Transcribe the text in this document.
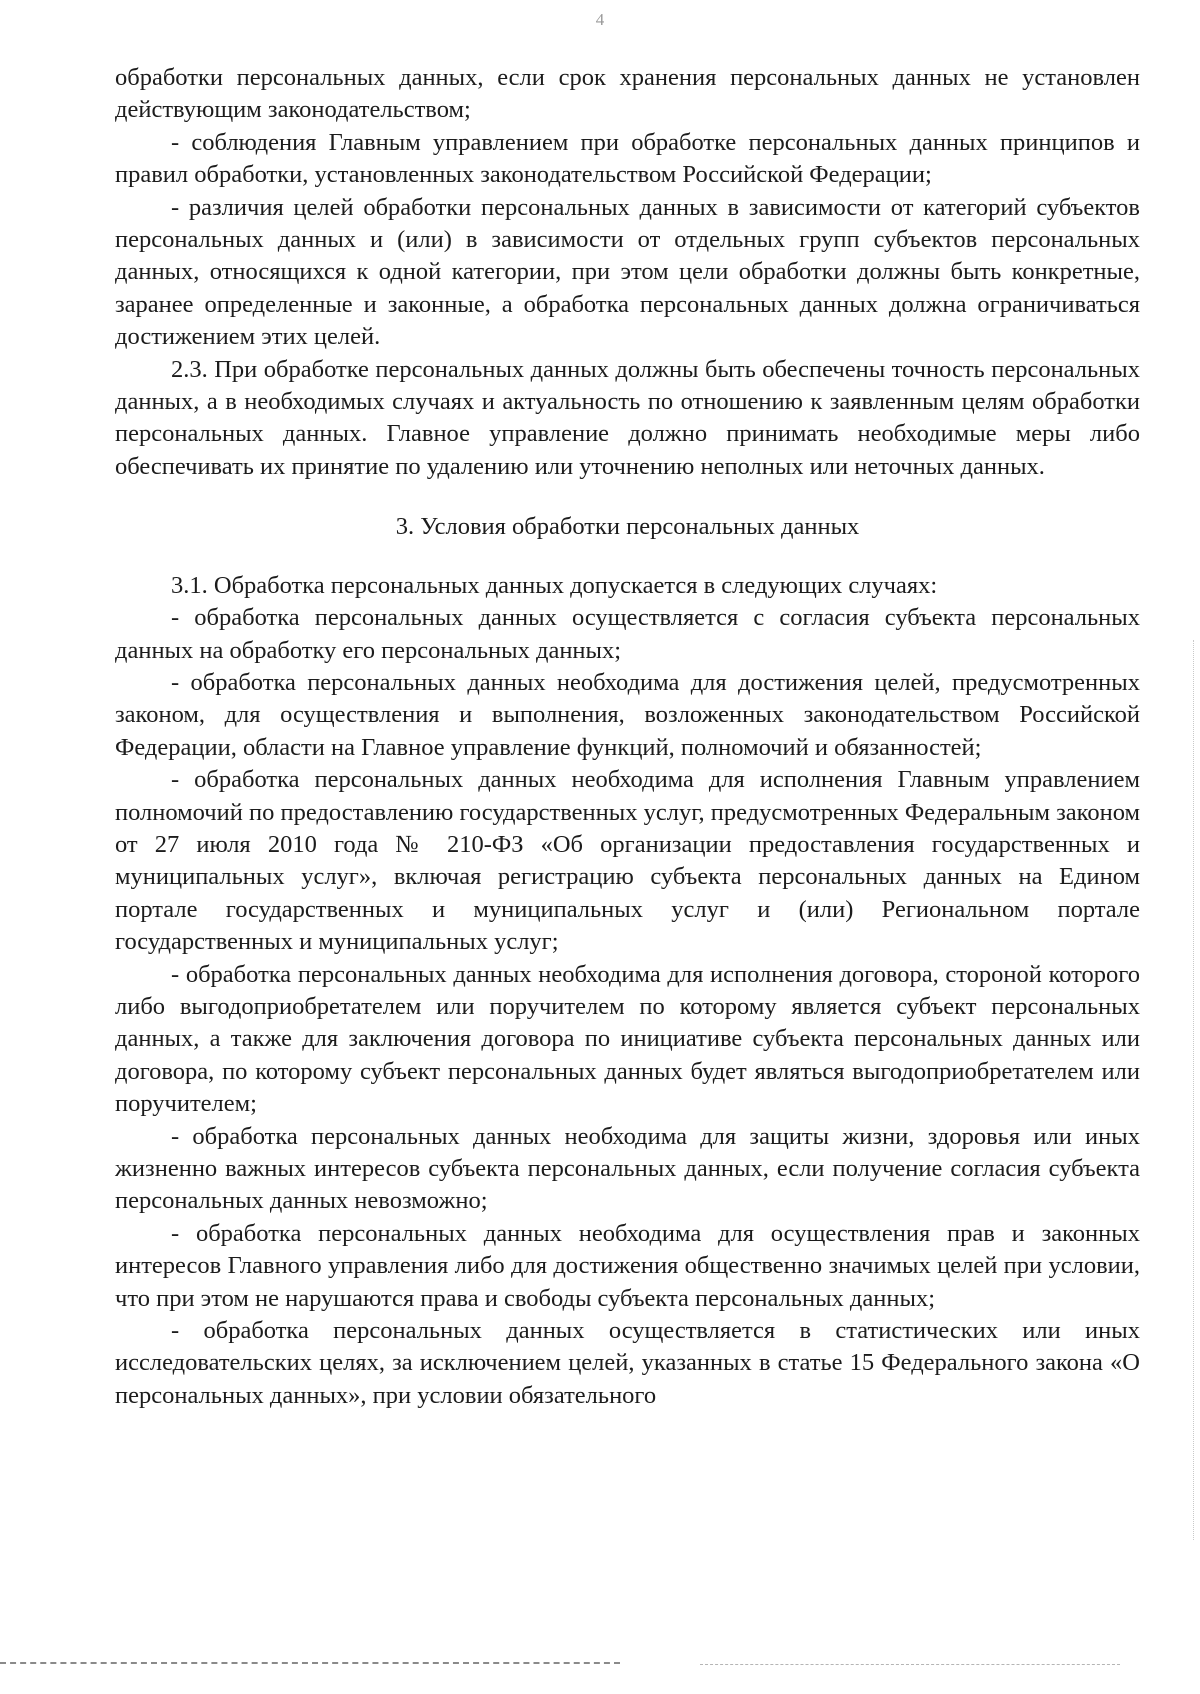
4

обработки персональных данных, если срок хранения персональных данных не установлен действующим законодательством;

- соблюдения Главным управлением при обработке персональных данных принципов и правил обработки, установленных законодательством Российской Федерации;

- различия целей обработки персональных данных в зависимости от категорий субъектов персональных данных и (или) в зависимости от отдельных групп субъектов персональных данных, относящихся к одной категории, при этом цели обработки должны быть конкретные, заранее определенные и законные, а обработка персональных данных должна ограничиваться достижением этих целей.

2.3. При обработке персональных данных должны быть обеспечены точность персональных данных, а в необходимых случаях и актуальность по отношению к заявленным целям обработки персональных данных. Главное управление должно принимать необходимые меры либо обеспечивать их принятие по удалению или уточнению неполных или неточных данных.

3. Условия обработки персональных данных

3.1. Обработка персональных данных допускается в следующих случаях:

- обработка персональных данных осуществляется с согласия субъекта персональных данных на обработку его персональных данных;

- обработка персональных данных необходима для достижения целей, предусмотренных законом, для осуществления и выполнения, возложенных законодательством Российской Федерации, области на Главное управление функций, полномочий и обязанностей;

- обработка персональных данных необходима для исполнения Главным управлением полномочий по предоставлению государственных услуг, предусмотренных Федеральным законом от 27 июля 2010 года № 210-ФЗ «Об организации предоставления государственных и муниципальных услуг», включая регистрацию субъекта персональных данных на Едином портале государственных и муниципальных услуг и (или) Региональном портале государственных и муниципальных услуг;

- обработка персональных данных необходима для исполнения договора, стороной которого либо выгодоприобретателем или поручителем по которому является субъект персональных данных, а также для заключения договора по инициативе субъекта персональных данных или договора, по которому субъект персональных данных будет являться выгодоприобретателем или поручителем;

- обработка персональных данных необходима для защиты жизни, здоровья или иных жизненно важных интересов субъекта персональных данных, если получение согласия субъекта персональных данных невозможно;

- обработка персональных данных необходима для осуществления прав и законных интересов Главного управления либо для достижения общественно значимых целей при условии, что при этом не нарушаются права и свободы субъекта персональных данных;

- обработка персональных данных осуществляется в статистических или иных исследовательских целях, за исключением целей, указанных в статье 15 Федерального закона «О персональных данных», при условии обязательного
